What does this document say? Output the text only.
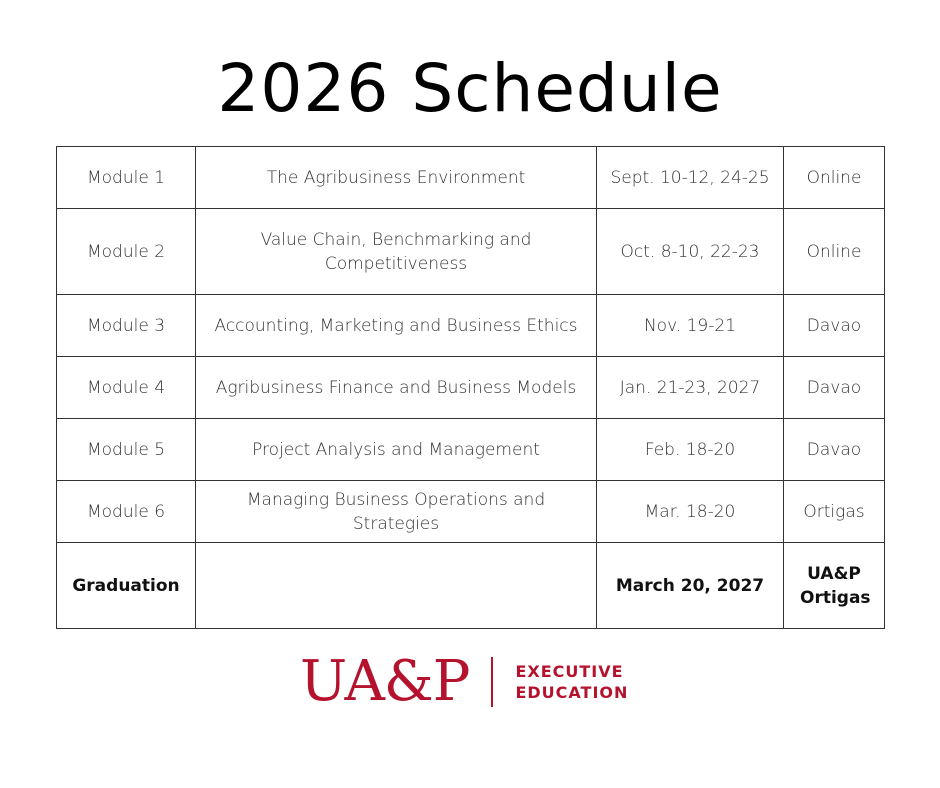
2026 Schedule
Module 1	The Agribusiness Environment	Sept. 10-12, 24-25	Online
Module 2	Value Chain, Benchmarking and Competitiveness	Oct. 8-10, 22-23	Online
Module 3	Accounting, Marketing and Business Ethics	Nov. 19-21	Davao
Module 4	Agribusiness Finance and Business Models	Jan. 21-23, 2027	Davao
Module 5	Project Analysis and Management	Feb. 18-20	Davao
Module 6	Managing Business Operations and Strategies	Mar. 18-20	Ortigas
Graduation		March 20, 2027	UA&P Ortigas
UA&P	EXECUTIVE
EDUCATION
